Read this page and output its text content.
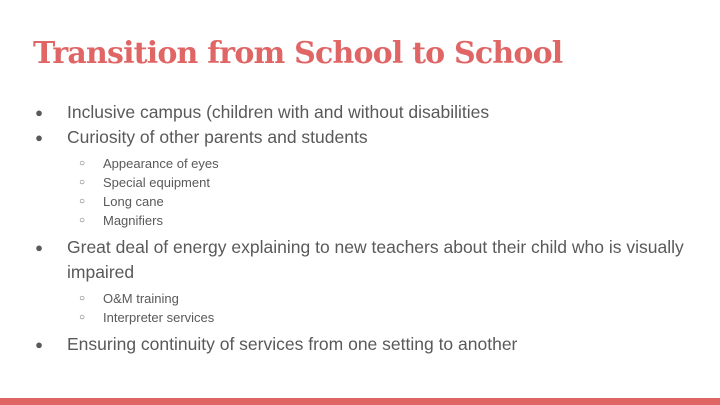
Transition from School to School
● Inclusive campus (children with and without disabilities
● Curiosity of other parents and students
○ Appearance of eyes
○ Special equipment
○ Long cane
○ Magnifiers
● Great deal of energy explaining to new teachers about their child who is visually impaired
○ O&M training
○ Interpreter services
● Ensuring continuity of services from one setting to another
